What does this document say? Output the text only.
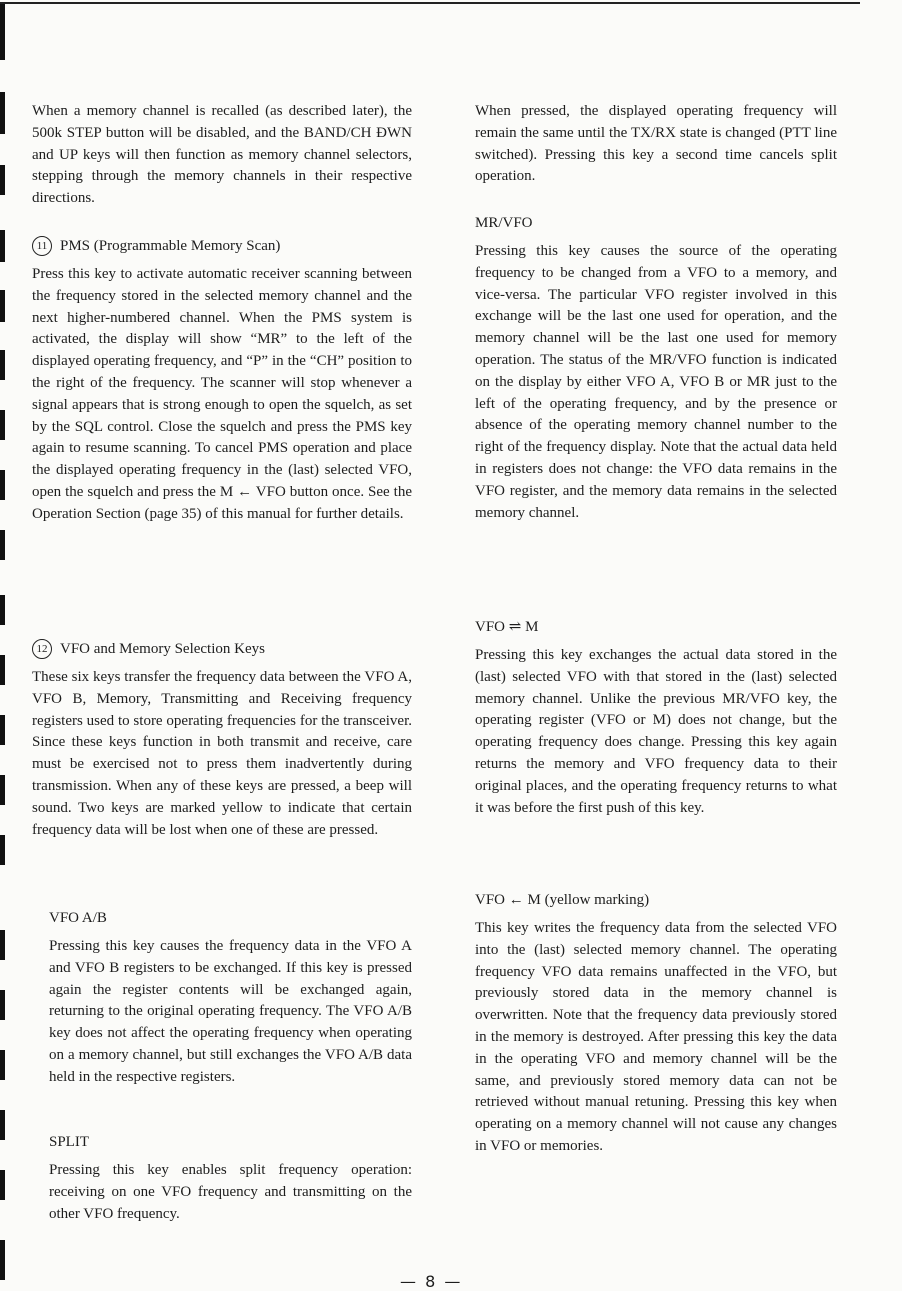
When a memory channel is recalled (as described later), the 500k STEP button will be disabled, and the BAND/CH ÐWN and UP keys will then function as memory channel selectors, stepping through the memory channels in their respective directions.

11 PMS (Programmable Memory Scan)

Press this key to activate automatic receiver scanning between the frequency stored in the selected memory channel and the next higher-numbered channel. When the PMS system is activated, the display will show “MR” to the left of the displayed operating frequency, and “P” in the “CH” position to the right of the frequency. The scanner will stop whenever a signal appears that is strong enough to open the squelch, as set by the SQL control. Close the squelch and press the PMS key again to resume scanning. To cancel PMS operation and place the displayed operating frequency in the (last) selected VFO, open the squelch and press the M ← VFO button once. See the Operation Section (page 35) of this manual for further details.

12 VFO and Memory Selection Keys

These six keys transfer the frequency data between the VFO A, VFO B, Memory, Transmitting and Receiving frequency registers used to store operating frequencies for the transceiver. Since these keys function in both transmit and receive, care must be exercised not to press them inadvertently during transmission. When any of these keys are pressed, a beep will sound. Two keys are marked yellow to indicate that certain frequency data will be lost when one of these are pressed.

VFO A/B

Pressing this key causes the frequency data in the VFO A and VFO B registers to be exchanged. If this key is pressed again the register contents will be exchanged again, returning to the original operating frequency. The VFO A/B key does not affect the operating frequency when operating on a memory channel, but still exchanges the VFO A/B data held in the respective registers.

SPLIT

Pressing this key enables split frequency operation: receiving on one VFO frequency and transmitting on the other VFO frequency.

When pressed, the displayed operating frequency will remain the same until the TX/RX state is changed (PTT line switched). Pressing this key a second time cancels split operation.

MR/VFO

Pressing this key causes the source of the operating frequency to be changed from a VFO to a memory, and vice-versa. The particular VFO register involved in this exchange will be the last one used for operation, and the memory channel will be the last one used for memory operation. The status of the MR/VFO function is indicated on the display by either VFO A, VFO B or MR just to the left of the operating frequency, and by the presence or absence of the operating memory channel number to the right of the frequency display. Note that the actual data held in registers does not change: the VFO data remains in the VFO register, and the memory data remains in the selected memory channel.

VFO ⇌ M

Pressing this key exchanges the actual data stored in the (last) selected VFO with that stored in the (last) selected memory channel. Unlike the previous MR/VFO key, the operating register (VFO or M) does not change, but the operating frequency does change. Pressing this key again returns the memory and VFO frequency data to their original places, and the operating frequency returns to what it was before the first push of this key.

VFO ← M (yellow marking)

This key writes the frequency data from the selected VFO into the (last) selected memory channel. The operating frequency VFO data remains unaffected in the VFO, but previously stored data in the memory channel is overwritten. Note that the frequency data previously stored in the memory is destroyed. After pressing this key the data in the operating VFO and memory channel will be the same, and previously stored memory data can not be retrieved without manual retuning. Pressing this key when operating on a memory channel will not cause any changes in VFO or memories.

— 8 —
